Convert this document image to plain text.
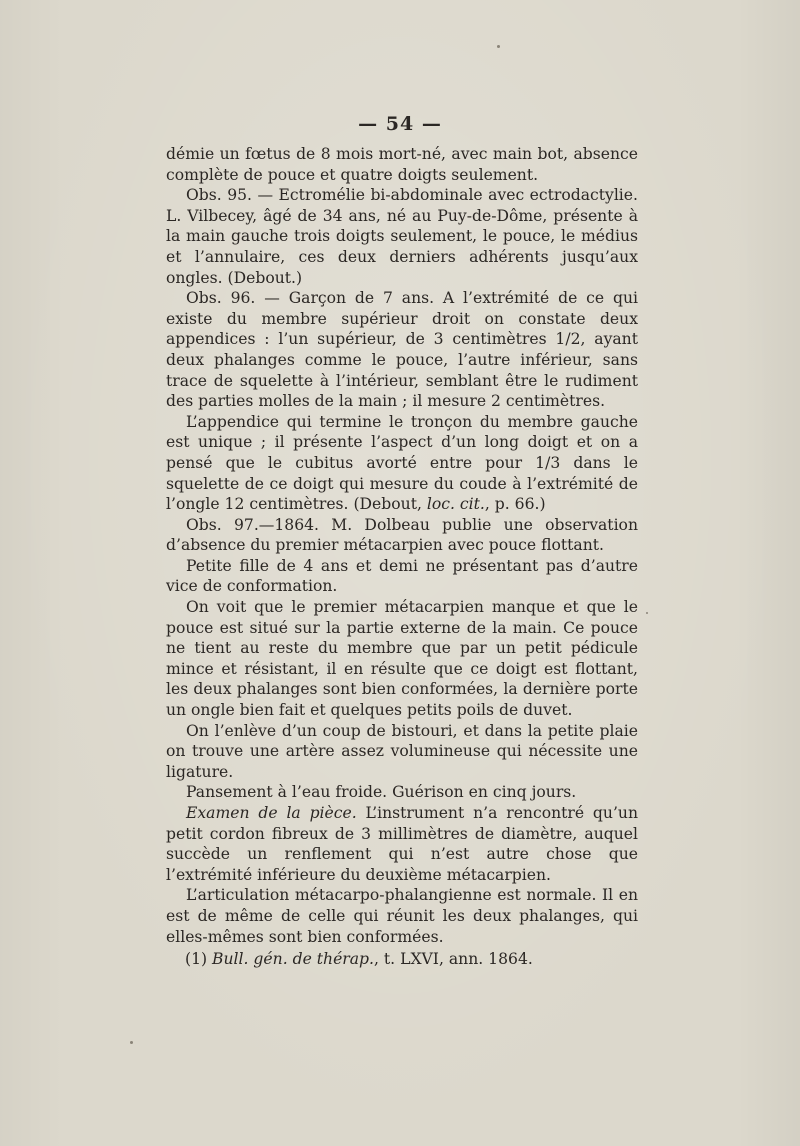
— 54 —

démie un fœtus de 8 mois mort-né, avec main bot, absence complète de pouce et quatre doigts seulement.

Obs. 95. — Ectromélie bi-abdominale avec ectrodactylie. L. Vilbecey, âgé de 34 ans, né au Puy-de-Dôme, présente à la main gauche trois doigts seulement, le pouce, le médius et l’annulaire, ces deux derniers adhérents jusqu’aux ongles. (Debout.)

Obs. 96. — Garçon de 7 ans. A l’extrémité de ce qui existe du membre supérieur droit on constate deux appendices : l’un supérieur, de 3 centimètres 1/2, ayant deux phalanges comme le pouce, l’autre inférieur, sans trace de squelette à l’intérieur, semblant être le rudiment des parties molles de la main ; il mesure 2 centimètres.

L’appendice qui termine le tronçon du membre gauche est unique ; il présente l’aspect d’un long doigt et on a pensé que le cubitus avorté entre pour 1/3 dans le squelette de ce doigt qui mesure du coude à l’extrémité de l’ongle 12 centimètres. (Debout, loc. cit., p. 66.)

Obs. 97.—1864. M. Dolbeau publie une observation d’absence du premier métacarpien avec pouce flottant.

Petite fille de 4 ans et demi ne présentant pas d’autre vice de conformation.

On voit que le premier métacarpien manque et que le pouce est situé sur la partie externe de la main. Ce pouce ne tient au reste du membre que par un petit pédicule mince et résistant, il en résulte que ce doigt est flottant, les deux phalanges sont bien conformées, la dernière porte un ongle bien fait et quelques petits poils de duvet.

On l’enlève d’un coup de bistouri, et dans la petite plaie on trouve une artère assez volumineuse qui nécessite une ligature.

Pansement à l’eau froide. Guérison en cinq jours.

Examen de la pièce. L’instrument n’a rencontré qu’un petit cordon fibreux de 3 millimètres de diamètre, auquel succède un renflement qui n’est autre chose que l’extrémité inférieure du deuxième métacarpien.

L’articulation métacarpo-phalangienne est normale. Il en est de même de celle qui réunit les deux phalanges, qui elles-mêmes sont bien conformées.

(1) Bull. gén. de thérap., t. LXVI, ann. 1864.
